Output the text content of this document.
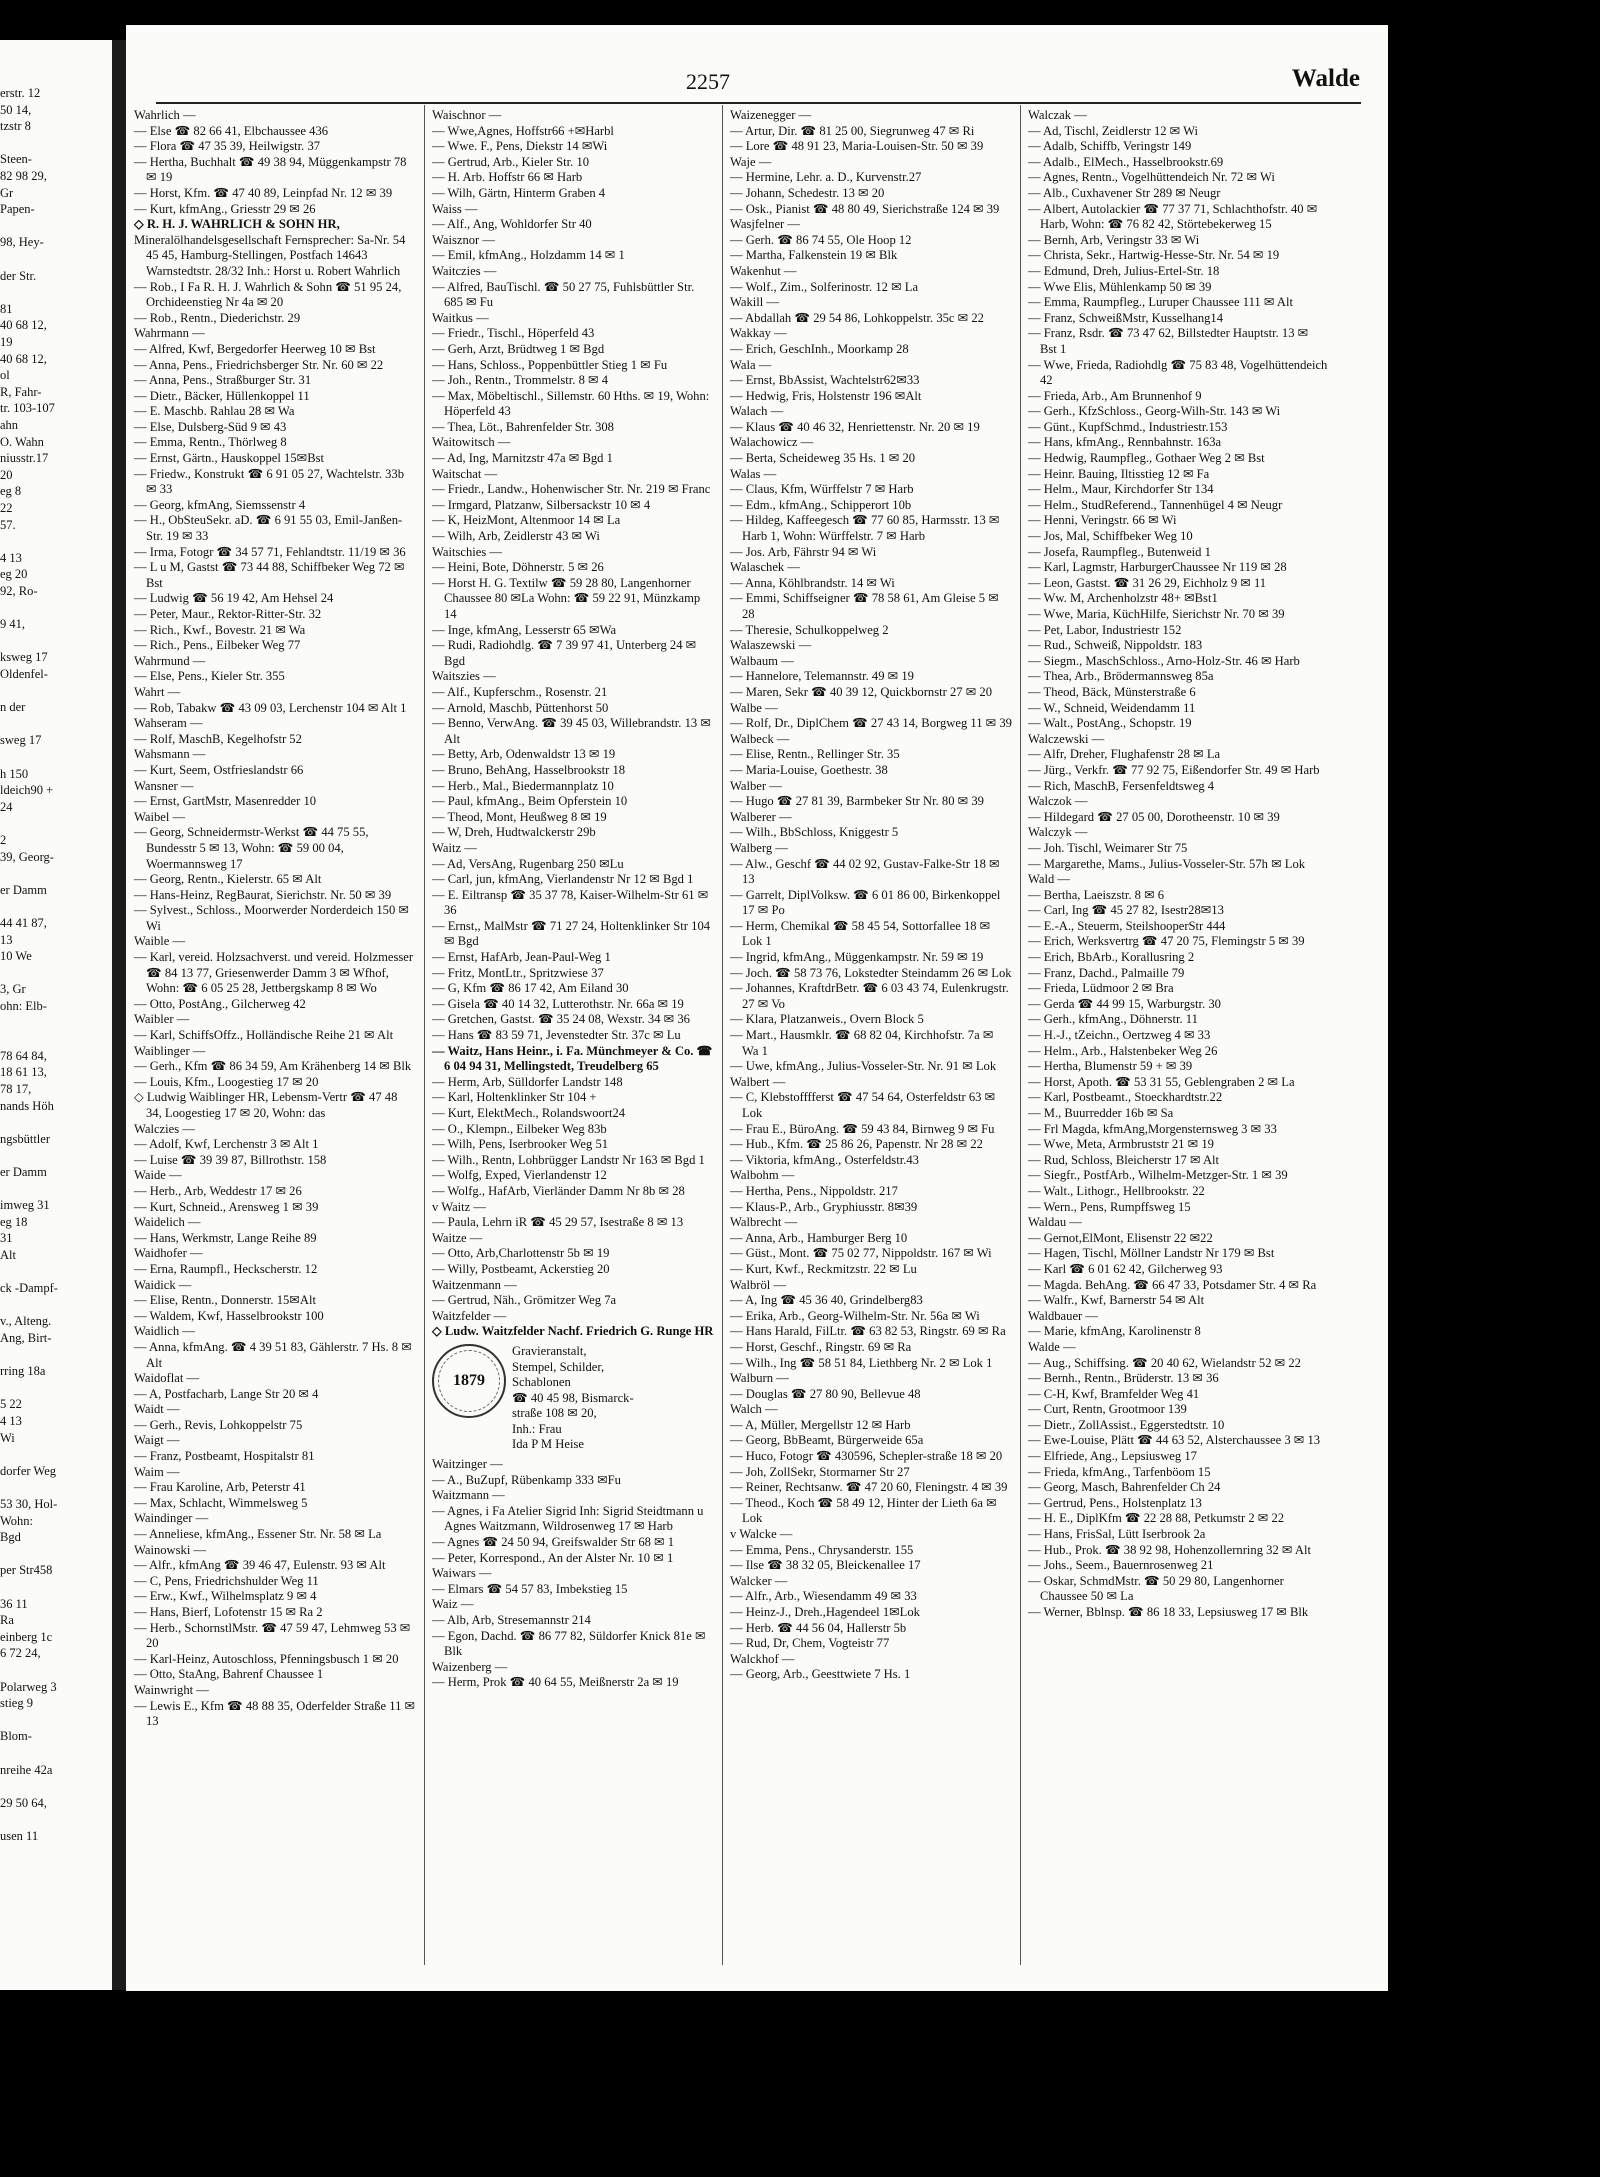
erstr. 12
50 14,
tzstr 8
Steen-
82 98 29,
Gr
Papen-
98, Hey-
der Str.
81
40 68 12,
19
40 68 12,
ol
R, Fahr-
tr. 103-107
ahn
O. Wahn
niusstr.17
20
eg 8
22
57.
4 13
eg 20
92, Ro-
9 41,
ksweg 17
Oldenfel-
n der
sweg 17
h 150
ldeich90 +
24
2
39, Georg-
er Damm
44 41 87,
13
10 We
3, Gr
ohn: Elb-
78 64 84,
18 61 13,
78 17,
nands Höh
ngsbüttler
er Damm
imweg 31
eg 18
31
Alt
ck -Dampf-
v., Alteng.
Ang, Birt-
rring 18a
5 22
4 13
Wi
dorfer Weg
53 30, Hol-
Wohn:
Bgd
per Str458
36 11
Ra
einberg 1c
6 72 24,
Polarweg 3
stieg 9
Blom-
nreihe 42a
29 50 64,
usen 11
2257	Walde

Wahrlich —

— Else ☎ 82 66 41, Elbchaussee 436

— Flora ☎ 47 35 39, Heilwigstr. 37

— Hertha, Buchhalt ☎ 49 38 94, Müggenkampstr 78 ✉ 19

— Horst, Kfm. ☎ 47 40 89, Leinpfad Nr. 12 ✉ 39

— Kurt, kfmAng., Griesstr 29 ✉ 26

◇ R. H. J. WAHRLICH & SOHN HR,

Mineralölhandelsgesellschaft Fernsprecher: Sa-Nr. 54 45 45, Hamburg-Stellingen, Postfach 14643 Warnstedtstr. 28/32 Inh.: Horst u. Robert Wahrlich

— Rob., I Fa R. H. J. Wahrlich & Sohn ☎ 51 95 24, Orchideenstieg Nr 4a ✉ 20

— Rob., Rentn., Diederichstr. 29

Wahrmann —

— Alfred, Kwf, Bergedorfer Heerweg 10 ✉ Bst

— Anna, Pens., Friedrichsberger Str. Nr. 60 ✉ 22

— Anna, Pens., Straßburger Str. 31

— Dietr., Bäcker, Hüllenkoppel 11

— E. Maschb. Rahlau 28 ✉ Wa

— Else, Dulsberg-Süd 9 ✉ 43

— Emma, Rentn., Thörlweg 8

— Ernst, Gärtn., Hauskoppel 15✉Bst

— Friedw., Konstrukt ☎ 6 91 05 27, Wachtelstr. 33b ✉ 33

— Georg, kfmAng, Siemssenstr 4

— H., ObSteuSekr. aD. ☎ 6 91 55 03, Emil-Janßen-Str. 19 ✉ 33

— Irma, Fotogr ☎ 34 57 71, Fehlandtstr. 11/19 ✉ 36

— L u M, Gastst ☎ 73 44 88, Schiffbeker Weg 72 ✉ Bst

— Ludwig ☎ 56 19 42, Am Hehsel 24

— Peter, Maur., Rektor-Ritter-Str. 32

— Rich., Kwf., Bovestr. 21 ✉ Wa

— Rich., Pens., Eilbeker Weg 77

Wahrmund —

— Else, Pens., Kieler Str. 355

Wahrt —

— Rob, Tabakw ☎ 43 09 03, Lerchenstr 104 ✉ Alt 1

Wahseram —

— Rolf, MaschB, Kegelhofstr 52

Wahsmann —

— Kurt, Seem, Ostfrieslandstr 66

Wansner —

— Ernst, GartMstr, Masenredder 10

Waibel —

— Georg, Schneidermstr-Werkst ☎ 44 75 55, Bundesstr 5 ✉ 13, Wohn: ☎ 59 00 04, Woermannsweg 17

— Georg, Rentn., Kielerstr. 65 ✉ Alt

— Hans-Heinz, RegBaurat, Sierichstr. Nr. 50 ✉ 39

— Sylvest., Schloss., Moorwerder Norderdeich 150 ✉ Wi

Waible —

— Karl, vereid. Holzsachverst. und vereid. Holzmesser ☎ 84 13 77, Griesenwerder Damm 3 ✉ Wfhof, Wohn: ☎ 6 05 25 28, Jettbergskamp 8 ✉ Wo

— Otto, PostAng., Gilcherweg 42

Waibler —

— Karl, SchiffsOffz., Holländische Reihe 21 ✉ Alt

Waiblinger —

— Gerh., Kfm ☎ 86 34 59, Am Krähenberg 14 ✉ Blk

— Louis, Kfm., Loogestieg 17 ✉ 20

◇ Ludwig Waiblinger HR, Lebensm-Vertr ☎ 47 48 34, Loogestieg 17 ✉ 20, Wohn: das

Walczies —

— Adolf, Kwf, Lerchenstr 3 ✉ Alt 1

— Luise ☎ 39 39 87, Billrothstr. 158

Waide —

— Herb., Arb, Weddestr 17 ✉ 26

— Kurt, Schneid., Arensweg 1 ✉ 39

Waidelich —

— Hans, Werkmstr, Lange Reihe 89

Waidhofer —

— Erna, Raumpfl., Heckscherstr. 12

Waidick —

— Elise, Rentn., Donnerstr. 15✉Alt

— Waldem, Kwf, Hasselbrookstr 100

Waidlich —

— Anna, kfmAng. ☎ 4 39 51 83, Gählerstr. 7 Hs. 8 ✉ Alt

Waidoflat —

— A, Postfacharb, Lange Str 20 ✉ 4

Waidt —

— Gerh., Revis, Lohkoppelstr 75

Waigt —

— Franz, Postbeamt, Hospitalstr 81

Waim —

— Frau Karoline, Arb, Peterstr 41

— Max, Schlacht, Wimmelsweg 5

Waindinger —

— Anneliese, kfmAng., Essener Str. Nr. 58 ✉ La

Wainowski —

— Alfr., kfmAng ☎ 39 46 47, Eulenstr. 93 ✉ Alt

— C, Pens, Friedrichshulder Weg 11

— Erw., Kwf., Wilhelmsplatz 9 ✉ 4

— Hans, Bierf, Lofotenstr 15 ✉ Ra 2

— Herb., SchornstlMstr. ☎ 47 59 47, Lehmweg 53 ✉ 20

— Karl-Heinz, Autoschloss, Pfenningsbusch 1 ✉ 20

— Otto, StaAng, Bahrenf Chaussee 1

Wainwright —

— Lewis E., Kfm ☎ 48 88 35, Oderfelder Straße 11 ✉ 13

Waischnor —

— Wwe,Agnes, Hoffstr66 +✉Harbl

— Wwe. F., Pens, Diekstr 14 ✉Wi

— Gertrud, Arb., Kieler Str. 10

— H. Arb. Hoffstr 66 ✉ Harb

— Wilh, Gärtn, Hinterm Graben 4

Waiss —

— Alf., Ang, Wohldorfer Str 40

Waisznor —

— Emil, kfmAng., Holzdamm 14 ✉ 1

Waitczies —

— Alfred, BauTischl. ☎ 50 27 75, Fuhlsbüttler Str. 685 ✉ Fu

Waitkus —

— Friedr., Tischl., Höperfeld 43

— Gerh, Arzt, Brüdtweg 1 ✉ Bgd

— Hans, Schloss., Poppenbüttler Stieg 1 ✉ Fu

— Joh., Rentn., Trommelstr. 8 ✉ 4

— Max, Möbeltischl., Sillemstr. 60 Hths. ✉ 19, Wohn: Höperfeld 43

— Thea, Löt., Bahrenfelder Str. 308

Waitowitsch —

— Ad, Ing, Marnitzstr 47a ✉ Bgd 1

Waitschat —

— Friedr., Landw., Hohenwischer Str. Nr. 219 ✉ Franc

— Irmgard, Platzanw, Silbersackstr 10 ✉ 4

— K, HeizMont, Altenmoor 14 ✉ La

— Wilh, Arb, Zeidlerstr 43 ✉ Wi

Waitschies —

— Heini, Bote, Döhnerstr. 5 ✉ 26

— Horst H. G. Textilw ☎ 59 28 80, Langenhorner Chaussee 80 ✉La Wohn: ☎ 59 22 91, Münzkamp 14

— Inge, kfmAng, Lesserstr 65 ✉Wa

— Rudi, Radiohdlg. ☎ 7 39 97 41, Unterberg 24 ✉ Bgd

Waitszies —

— Alf., Kupferschm., Rosenstr. 21

— Arnold, Maschb, Püttenhorst 50

— Benno, VerwAng. ☎ 39 45 03, Willebrandstr. 13 ✉ Alt

— Betty, Arb, Odenwaldstr 13 ✉ 19

— Bruno, BehAng, Hasselbrookstr 18

— Herb., Mal., Biedermannplatz 10

— Paul, kfmAng., Beim Opferstein 10

— Theod, Mont, Heußweg 8 ✉ 19

— W, Dreh, Hudtwalckerstr 29b

Waitz —

— Ad, VersAng, Rugenbarg 250 ✉Lu

— Carl, jun, kfmAng, Vierlandenstr Nr 12 ✉ Bgd 1

— E. Eiltransp ☎ 35 37 78, Kaiser-Wilhelm-Str 61 ✉ 36

— Ernst,, MalMstr ☎ 71 27 24, Holtenklinker Str 104 ✉ Bgd

— Ernst, HafArb, Jean-Paul-Weg 1

— Fritz, MontLtr., Spritzwiese 37

— G, Kfm ☎ 86 17 42, Am Eiland 30

— Gisela ☎ 40 14 32, Lutterothstr. Nr. 66a ✉ 19

— Gretchen, Gastst. ☎ 35 24 08, Wexstr. 34 ✉ 36

— Hans ☎ 83 59 71, Jevenstedter Str. 37c ✉ Lu

— Waitz, Hans Heinr., i. Fa. Münchmeyer & Co. ☎ 6 04 94 31, Mellingstedt, Treudelberg 65

— Herm, Arb, Sülldorfer Landstr 148

— Karl, Holtenklinker Str 104 +

— Kurt, ElektMech., Rolandswoort24

— O., Klempn., Eilbeker Weg 83b

— Wilh, Pens, Iserbrooker Weg 51

— Wilh., Rentn, Lohbrügger Landstr Nr 163 ✉ Bgd 1

— Wolfg, Exped, Vierlandenstr 12

— Wolfg., HafArb, Vierländer Damm Nr 8b ✉ 28

v Waitz —

— Paula, Lehrn iR ☎ 45 29 57, Isestraße 8 ✉ 13

Waitze —

— Otto, Arb,Charlottenstr 5b ✉ 19

— Willy, Postbeamt, Ackerstieg 20

Waitzenmann —

— Gertrud, Näh., Grömitzer Weg 7a

Waitzfelder —

◇ Ludw. Waitzfelder Nachf. Friedrich G. Runge HR

1879
Gravieranstalt,
Stempel, Schilder,
Schablonen
☎ 40 45 98, Bismarck-
straße 108 ✉ 20,
Inh.: Frau
Ida P M Heise

Waitzinger —

— A., BuZupf, Rübenkamp 333 ✉Fu

Waitzmann —

— Agnes, i Fa Atelier Sigrid Inh: Sigrid Steidtmann u Agnes Waitzmann, Wildrosenweg 17 ✉ Harb

— Agnes ☎ 24 50 94, Greifswalder Str 68 ✉ 1

— Peter, Korrespond., An der Alster Nr. 10 ✉ 1

Waiwars —

— Elmars ☎ 54 57 83, Imbekstieg 15

Waiz —

— Alb, Arb, Stresemannstr 214

— Egon, Dachd. ☎ 86 77 82, Süldorfer Knick 81e ✉ Blk

Waizenberg —

— Herm, Prok ☎ 40 64 55, Meißnerstr 2a ✉ 19

Waizenegger —

— Artur, Dir. ☎ 81 25 00, Siegrunweg 47 ✉ Ri

— Lore ☎ 48 91 23, Maria-Louisen-Str. 50 ✉ 39

Waje —

— Hermine, Lehr. a. D., Kurvenstr.27

— Johann, Schedestr. 13 ✉ 20

— Osk., Pianist ☎ 48 80 49, Sierichstraße 124 ✉ 39

Wasjfelner —

— Gerh. ☎ 86 74 55, Ole Hoop 12

— Martha, Falkenstein 19 ✉ Blk

Wakenhut —

— Wolf., Zim., Solferinostr. 12 ✉ La

Wakill —

— Abdallah ☎ 29 54 86, Lohkoppelstr. 35c ✉ 22

Wakkay —

— Erich, GeschInh., Moorkamp 28

Wala —

— Ernst, BbAssist, Wachtelstr62✉33

— Hedwig, Fris, Holstenstr 196 ✉Alt

Walach —

— Klaus ☎ 40 46 32, Henriettenstr. Nr. 20 ✉ 19

Walachowicz —

— Berta, Scheideweg 35 Hs. 1 ✉ 20

Walas —

— Claus, Kfm, Würffelstr 7 ✉ Harb

— Edm., kfmAng., Schipperort 10b

— Hildeg, Kaffeegesch ☎ 77 60 85, Harmsstr. 13 ✉ Harb 1, Wohn: Würffelstr. 7 ✉ Harb

— Jos. Arb, Fährstr 94 ✉ Wi

Walaschek —

— Anna, Köhlbrandstr. 14 ✉ Wi

— Emmi, Schiffseigner ☎ 78 58 61, Am Gleise 5 ✉ 28

— Theresie, Schulkoppelweg 2

Walaszewski —

Walbaum —

— Hannelore, Telemannstr. 49 ✉ 19

— Maren, Sekr ☎ 40 39 12, Quickbornstr 27 ✉ 20

Walbe —

— Rolf, Dr., DiplChem ☎ 27 43 14, Borgweg 11 ✉ 39

Walbeck —

— Elise, Rentn., Rellinger Str. 35

— Maria-Louise, Goethestr. 38

Walber —

— Hugo ☎ 27 81 39, Barmbeker Str Nr. 80 ✉ 39

Walberer —

— Wilh., BbSchloss, Kniggestr 5

Walberg —

— Alw., Geschf ☎ 44 02 92, Gustav-Falke-Str 18 ✉ 13

— Garrelt, DiplVolksw. ☎ 6 01 86 00, Birkenkoppel 17 ✉ Po

— Herm, Chemikal ☎ 58 45 54, Sottorfallee 18 ✉ Lok 1

— Ingrid, kfmAng., Müggenkampstr. Nr. 59 ✉ 19

— Joch. ☎ 58 73 76, Lokstedter Steindamm 26 ✉ Lok

— Johannes, KraftdrBetr. ☎ 6 03 43 74, Eulenkrugstr. 27 ✉ Vo

— Klara, Platzanweis., Overn Block 5

— Mart., Hausmklr. ☎ 68 82 04, Kirchhofstr. 7a ✉ Wa 1

— Uwe, kfmAng., Julius-Vosseler-Str. Nr. 91 ✉ Lok

Walbert —

— C, Klebstofffferst ☎ 47 54 64, Osterfeldstr 63 ✉ Lok

— Frau E., BüroAng. ☎ 59 43 84, Birnweg 9 ✉ Fu

— Hub., Kfm. ☎ 25 86 26, Papenstr. Nr 28 ✉ 22

— Viktoria, kfmAng., Osterfeldstr.43

Walbohm —

— Hertha, Pens., Nippoldstr. 217

— Klaus-P., Arb., Gryphiusstr. 8✉39

Walbrecht —

— Anna, Arb., Hamburger Berg 10

— Güst., Mont. ☎ 75 02 77, Nippoldstr. 167 ✉ Wi

— Kurt, Kwf., Reckmitzstr. 22 ✉ Lu

Walbröl —

— A, Ing ☎ 45 36 40, Grindelberg83

— Erika, Arb., Georg-Wilhelm-Str. Nr. 56a ✉ Wi

— Hans Harald, FilLtr. ☎ 63 82 53, Ringstr. 69 ✉ Ra

— Horst, Geschf., Ringstr. 69 ✉ Ra

— Wilh., Ing ☎ 58 51 84, Liethberg Nr. 2 ✉ Lok 1

Walburn —

— Douglas ☎ 27 80 90, Bellevue 48

Walch —

— A, Müller, Mergellstr 12 ✉ Harb

— Georg, BbBeamt, Bürgerweide 65a

— Huco, Fotogr ☎ 430596, Schepler-straße 18 ✉ 20

— Joh, ZollSekr, Stormarner Str 27

— Reiner, Rechtsanw. ☎ 47 20 60, Fleningstr. 4 ✉ 39

— Theod., Koch ☎ 58 49 12, Hinter der Lieth 6a ✉ Lok

v Walcke —

— Emma, Pens., Chrysanderstr. 155

— Ilse ☎ 38 32 05, Bleickenallee 17

Walcker —

— Alfr., Arb., Wiesendamm 49 ✉ 33

— Heinz-J., Dreh.,Hagendeel 1✉Lok

— Herb. ☎ 44 56 04, Hallerstr 5b

— Rud, Dr, Chem, Vogteistr 77

Walckhof —

— Georg, Arb., Geesttwiete 7 Hs. 1

Walczak —

— Ad, Tischl, Zeidlerstr 12 ✉ Wi

— Adalb, Schiffb, Veringstr 149

— Adalb., ElMech., Hasselbrookstr.69

— Agnes, Rentn., Vogelhüttendeich Nr. 72 ✉ Wi

— Alb., Cuxhavener Str 289 ✉ Neugr

— Albert, Autolackier ☎ 77 37 71, Schlachthofstr. 40 ✉ Harb, Wohn: ☎ 76 82 42, Störtebekerweg 15

— Bernh, Arb, Veringstr 33 ✉ Wi

— Christa, Sekr., Hartwig-Hesse-Str. Nr. 54 ✉ 19

— Edmund, Dreh, Julius-Ertel-Str. 18

— Wwe Elis, Mühlenkamp 50 ✉ 39

— Emma, Raumpfleg., Luruper Chaussee 111 ✉ Alt

— Franz, SchweißMstr, Kusselhang14

— Franz, Rsdr. ☎ 73 47 62, Billstedter Hauptstr. 13 ✉ Bst 1

— Wwe, Frieda, Radiohdlg ☎ 75 83 48, Vogelhüttendeich 42

— Frieda, Arb., Am Brunnenhof 9

— Gerh., KfzSchloss., Georg-Wilh-Str. 143 ✉ Wi

— Günt., KupfSchmd., Industriestr.153

— Hans, kfmAng., Rennbahnstr. 163a

— Hedwig, Raumpfleg., Gothaer Weg 2 ✉ Bst

— Heinr. Bauing, Iltisstieg 12 ✉ Fa

— Helm., Maur, Kirchdorfer Str 134

— Helm., StudReferend., Tannenhügel 4 ✉ Neugr

— Henni, Veringstr. 66 ✉ Wi

— Jos, Mal, Schiffbeker Weg 10

— Josefa, Raumpfleg., Butenweid 1

— Karl, Lagmstr, HarburgerChaussee Nr 119 ✉ 28

— Leon, Gastst. ☎ 31 26 29, Eichholz 9 ✉ 11

— Ww. M, Archenholzstr 48+ ✉Bst1

— Wwe, Maria, KüchHilfe, Sierichstr Nr. 70 ✉ 39

— Pet, Labor, Industriestr 152

— Rud., Schweiß, Nippoldstr. 183

— Siegm., MaschSchloss., Arno-Holz-Str. 46 ✉ Harb

— Thea, Arb., Brödermannsweg 85a

— Theod, Bäck, Münsterstraße 6

— W., Schneid, Weidendamm 11

— Walt., PostAng., Schopstr. 19

Walczewski —

— Alfr, Dreher, Flughafenstr 28 ✉ La

— Jürg., Verkfr. ☎ 77 92 75, Eißendorfer Str. 49 ✉ Harb

— Rich, MaschB, Fersenfeldtsweg 4

Walczok —

— Hildegard ☎ 27 05 00, Dorotheenstr. 10 ✉ 39

Walczyk —

— Joh. Tischl, Weimarer Str 75

— Margarethe, Mams., Julius-Vosseler-Str. 57h ✉ Lok

Wald —

— Bertha, Laeiszstr. 8 ✉ 6

— Carl, Ing ☎ 45 27 82, Isestr28✉13

— E.-A., Steuerm, SteilshooperStr 444

— Erich, Werksvertrg ☎ 47 20 75, Flemingstr 5 ✉ 39

— Erich, BbArb., Korallusring 2

— Franz, Dachd., Palmaille 79

— Frieda, Lüdmoor 2 ✉ Bra

— Gerda ☎ 44 99 15, Warburgstr. 30

— Gerh., kfmAng., Döhnerstr. 11

— H.-J., tZeichn., Oertzweg 4 ✉ 33

— Helm., Arb., Halstenbeker Weg 26

— Hertha, Blumenstr 59 + ✉ 39

— Horst, Apoth. ☎ 53 31 55, Geblengraben 2 ✉ La

— Karl, Postbeamt., Stoeckhardtstr.22

— M., Buurredder 16b ✉ Sa

— Frl Magda, kfmAng,Morgensternsweg 3 ✉ 33

— Wwe, Meta, Armbruststr 21 ✉ 19

— Rud, Schloss, Bleicherstr 17 ✉ Alt

— Siegfr., PostfArb., Wilhelm-Metzger-Str. 1 ✉ 39

— Walt., Lithogr., Hellbrookstr. 22

— Wern., Pens, Rumpffsweg 15

Waldau —

— Gernot,ElMont, Elisenstr 22 ✉22

— Hagen, Tischl, Möllner Landstr Nr 179 ✉ Bst

— Karl ☎ 6 01 62 42, Gilcherweg 93

— Magda. BehAng. ☎ 66 47 33, Potsdamer Str. 4 ✉ Ra

— Walfr., Kwf, Barnerstr 54 ✉ Alt

Waldbauer —

— Marie, kfmAng, Karolinenstr 8

Walde —

— Aug., Schiffsing. ☎ 20 40 62, Wielandstr 52 ✉ 22

— Bernh., Rentn., Brüderstr. 13 ✉ 36

— C-H, Kwf, Bramfelder Weg 41

— Curt, Rentn, Grootmoor 139

— Dietr., ZollAssist., Eggerstedtstr. 10

— Ewe-Louise, Plätt ☎ 44 63 52, Alsterchaussee 3 ✉ 13

— Elfriede, Ang., Lepsiusweg 17

— Frieda, kfmAng., Tarfenböom 15

— Georg, Masch, Bahrenfelder Ch 24

— Gertrud, Pens., Holstenplatz 13

— H. E., DiplKfm ☎ 22 28 88, Petkumstr 2 ✉ 22

— Hans, FrisSal, Lütt Iserbrook 2a

— Hub., Prok. ☎ 38 92 98, Hohenzollernring 32 ✉ Alt

— Johs., Seem., Bauernrosenweg 21

— Oskar, SchmdMstr. ☎ 50 29 80, Langenhorner Chaussee 50 ✉ La

— Werner, Bblnsp. ☎ 86 18 33, Lepsiusweg 17 ✉ Blk
